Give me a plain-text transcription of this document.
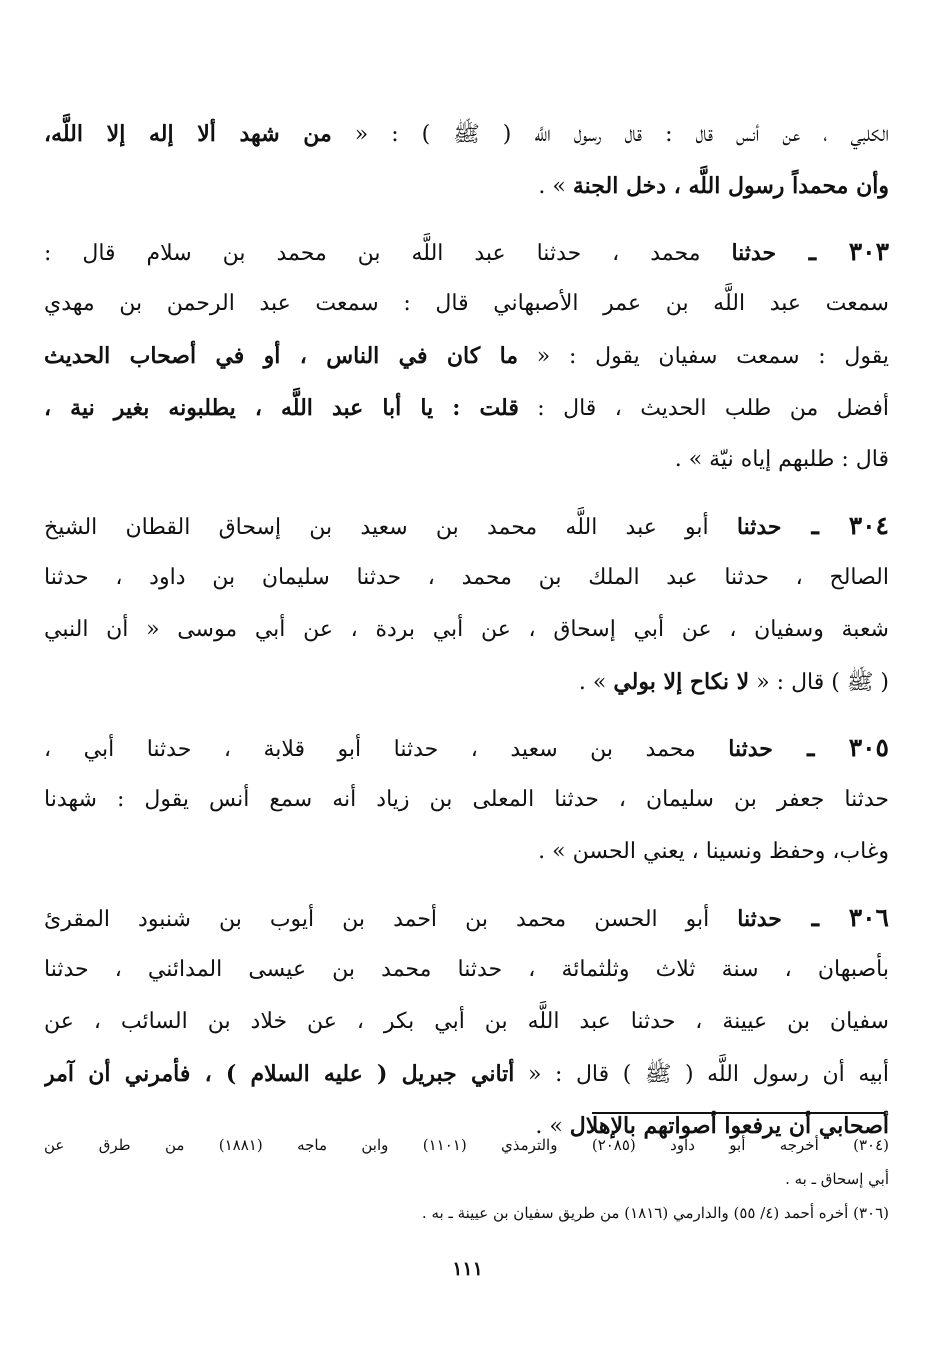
الكلبي ، عن أنس قال : قال رسول اللَّه ( ﷺ ) : « من شهد ألا إله إلا اللَّه،
وأن محمداً رسول اللَّه ، دخل الجنة » .
٣٠٣ ـ حدثنا محمد ، حدثنا عبد اللَّه بن محمد بن سلام قال :
سمعت عبد اللَّه بن عمر الأصبهاني قال : سمعت عبد الرحمن بن مهدي
يقول : سمعت سفيان يقول : « ما كان في الناس ، أو في أصحاب الحديث
أفضل من طلب الحديث ، قال : قلت : يا أبا عبد اللَّه ، يطلبونه بغير نية ،
قال : طلبهم إياه نيّة » .
٣٠٤ ـ حدثنا أبو عبد اللَّه محمد بن سعيد بن إسحاق القطان الشيخ
الصالح ، حدثنا عبد الملك بن محمد ، حدثنا سليمان بن داود ، حدثنا
شعبة وسفيان ، عن أبي إسحاق ، عن أبي بردة ، عن أبي موسى « أن النبي
( ﷺ ) قال : « لا نكاح إلا بولي » .
٣٠٥ ـ حدثنا محمد بن سعيد ، حدثنا أبو قلابة ، حدثنا أبي ،
حدثنا جعفر بن سليمان ، حدثنا المعلى بن زياد أنه سمع أنس يقول : شهدنا
وغاب، وحفظ ونسينا ، يعني الحسن » .
٣٠٦ ـ حدثنا أبو الحسن محمد بن أحمد بن أيوب بن شنبود المقرئ
بأصبهان ، سنة ثلاث وثلثمائة ، حدثنا محمد بن عيسى المدائني ، حدثنا
سفيان بن عيينة ، حدثنا عبد اللَّه بن أبي بكر ، عن خلاد بن السائب ، عن
أبيه أن رسول اللَّه ( ﷺ ) قال : « أتاني جبريل ( عليه السلام ) ، فأمرني أن آمر
أصحابي أن يرفعوا أصواتهم بالإهلال » .
(٣٠٤) أخرجه أبو داود (٢٠٨٥) والترمذي (١١٠١) وابن ماجه (١٨٨١) من طرق عن
أبي إسحاق ـ به .
(٣٠٦) أخره أحمد (٤/ ٥٥) والدارمي (١٨١٦) من طريق سفيان بن عيينة ـ به .
١١١
